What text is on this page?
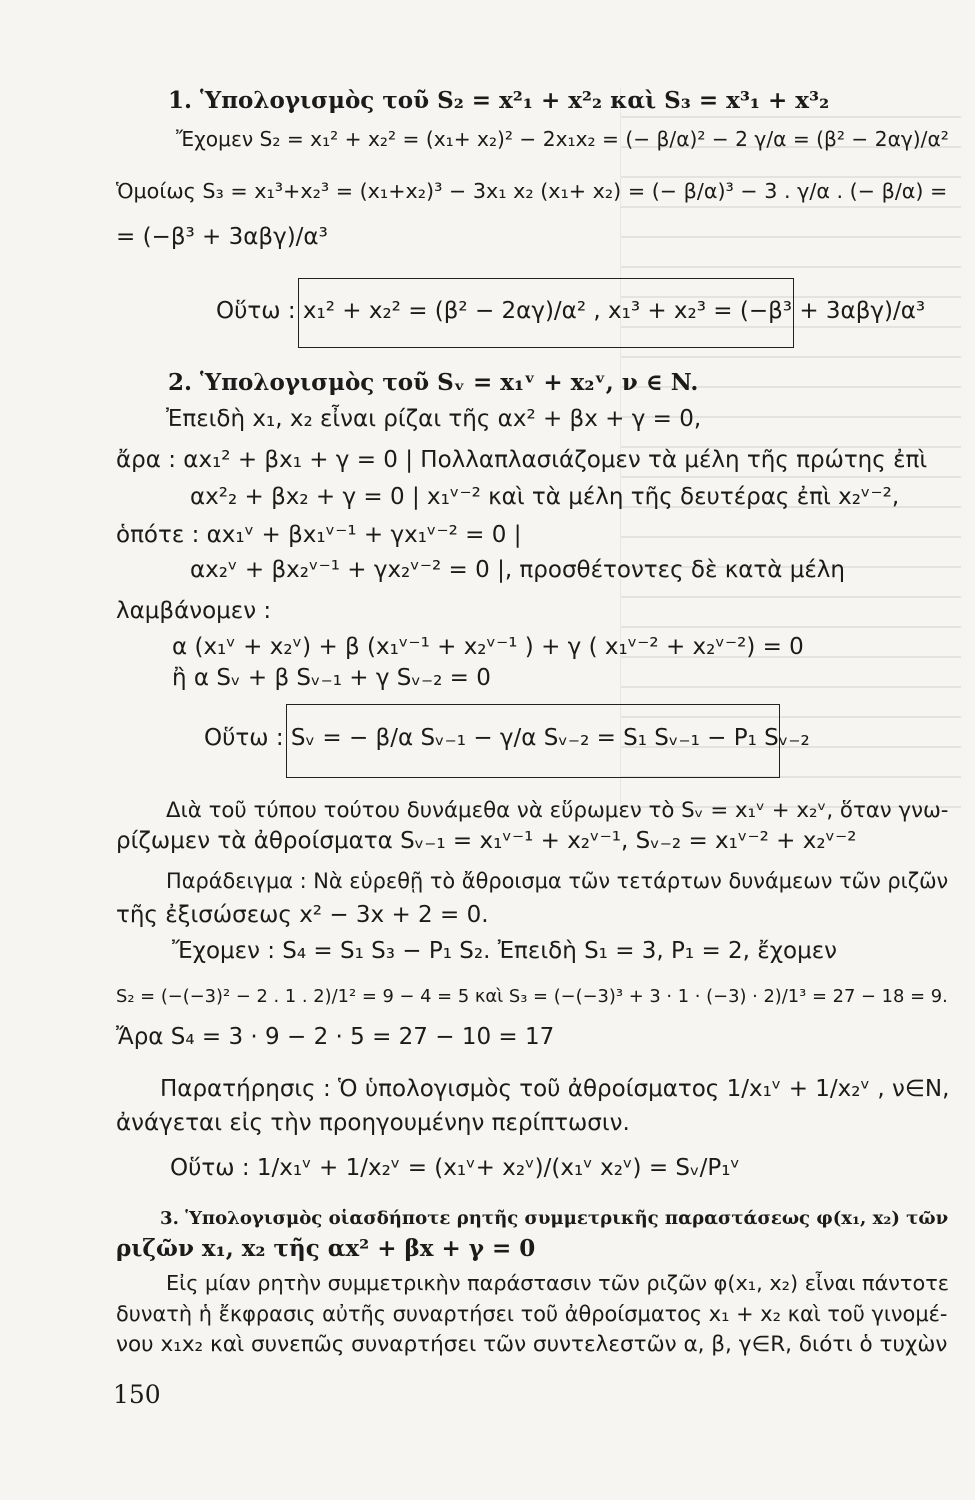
1. Ὑπολογισμὸς τοῦ S₂ = x²₁ + x²₂ καὶ S₃ = x³₁ + x³₂
Ἔχομεν S₂ = x₁² + x₂² = (x₁+ x₂)² − 2x₁x₂ = (− β/α)² − 2 γ/α = (β² − 2αγ)/α²
Ὁμοίως S₃ = x₁³+x₂³ = (x₁+x₂)³ − 3x₁ x₂ (x₁+ x₂) = (− β/α)³ − 3 . γ/α . (− β/α) =
= (−β³ + 3αβγ)/α³
Οὕτω : x₁² + x₂² = (β² − 2αγ)/α² , x₁³ + x₂³ = (−β³ + 3αβγ)/α³
2. Ὑπολογισμὸς τοῦ Sᵥ = x₁ᵛ + x₂ᵛ, ν ∈ N.
Ἐπειδὴ x₁, x₂ εἶναι ρίζαι τῆς αx² + βx + γ = 0,
ἄρα : αx₁² + βx₁ + γ = 0 | Πολλαπλασιάζομεν τὰ μέλη τῆς πρώτης ἐπὶ
αx²₂ + βx₂ + γ = 0 | x₁ᵛ⁻² καὶ τὰ μέλη τῆς δευτέρας ἐπὶ x₂ᵛ⁻²,
ὁπότε : αx₁ᵛ + βx₁ᵛ⁻¹ + γx₁ᵛ⁻² = 0 |
αx₂ᵛ + βx₂ᵛ⁻¹ + γx₂ᵛ⁻² = 0 |, προσθέτοντες δὲ κατὰ μέλη
λαμβάνομεν :
α (x₁ᵛ + x₂ᵛ) + β (x₁ᵛ⁻¹ + x₂ᵛ⁻¹ ) + γ ( x₁ᵛ⁻² + x₂ᵛ⁻²) = 0
ἢ α Sᵥ + β Sᵥ₋₁ + γ Sᵥ₋₂ = 0
Οὕτω : Sᵥ = − β/α Sᵥ₋₁ − γ/α Sᵥ₋₂ = S₁ Sᵥ₋₁ − P₁ Sᵥ₋₂
Διὰ τοῦ τύπου τούτου δυνάμεθα νὰ εὕρωμεν τὸ Sᵥ = x₁ᵛ + x₂ᵛ, ὅταν γνω-
ρίζωμεν τὰ ἀθροίσματα Sᵥ₋₁ = x₁ᵛ⁻¹ + x₂ᵛ⁻¹, Sᵥ₋₂ = x₁ᵛ⁻² + x₂ᵛ⁻²
Παράδειγμα : Νὰ εὑρεθῇ τὸ ἄθροισμα τῶν τετάρτων δυνάμεων τῶν ριζῶν
τῆς ἐξισώσεως x² − 3x + 2 = 0.
Ἔχομεν : S₄ = S₁ S₃ − P₁ S₂. Ἐπειδὴ S₁ = 3, P₁ = 2, ἔχομεν
S₂ = (−(−3)² − 2 . 1 . 2)/1² = 9 − 4 = 5 καὶ S₃ = (−(−3)³ + 3 · 1 · (−3) · 2)/1³ = 27 − 18 = 9.
Ἄρα S₄ = 3 · 9 − 2 · 5 = 27 − 10 = 17
Παρατήρησις : Ὁ ὑπολογισμὸς τοῦ ἀθροίσματος 1/x₁ᵛ + 1/x₂ᵛ , ν∈N,
ἀνάγεται εἰς τὴν προηγουμένην περίπτωσιν.
Οὕτω : 1/x₁ᵛ + 1/x₂ᵛ = (x₁ᵛ+ x₂ᵛ)/(x₁ᵛ x₂ᵛ) = Sᵥ/P₁ᵛ
3. Ὑπολογισμὸς οἱασδήποτε ρητῆς συμμετρικῆς παραστάσεως φ(x₁, x₂) τῶν
ριζῶν x₁, x₂ τῆς αx² + βx + γ = 0
Εἰς μίαν ρητὴν συμμετρικὴν παράστασιν τῶν ριζῶν φ(x₁, x₂) εἶναι πάντοτε
δυνατὴ ἡ ἔκφρασις αὐτῆς συναρτήσει τοῦ ἀθροίσματος x₁ + x₂ καὶ τοῦ γινομέ-
νου x₁x₂ καὶ συνεπῶς συναρτήσει τῶν συντελεστῶν α, β, γ∈R, διότι ὁ τυχὼν
150
